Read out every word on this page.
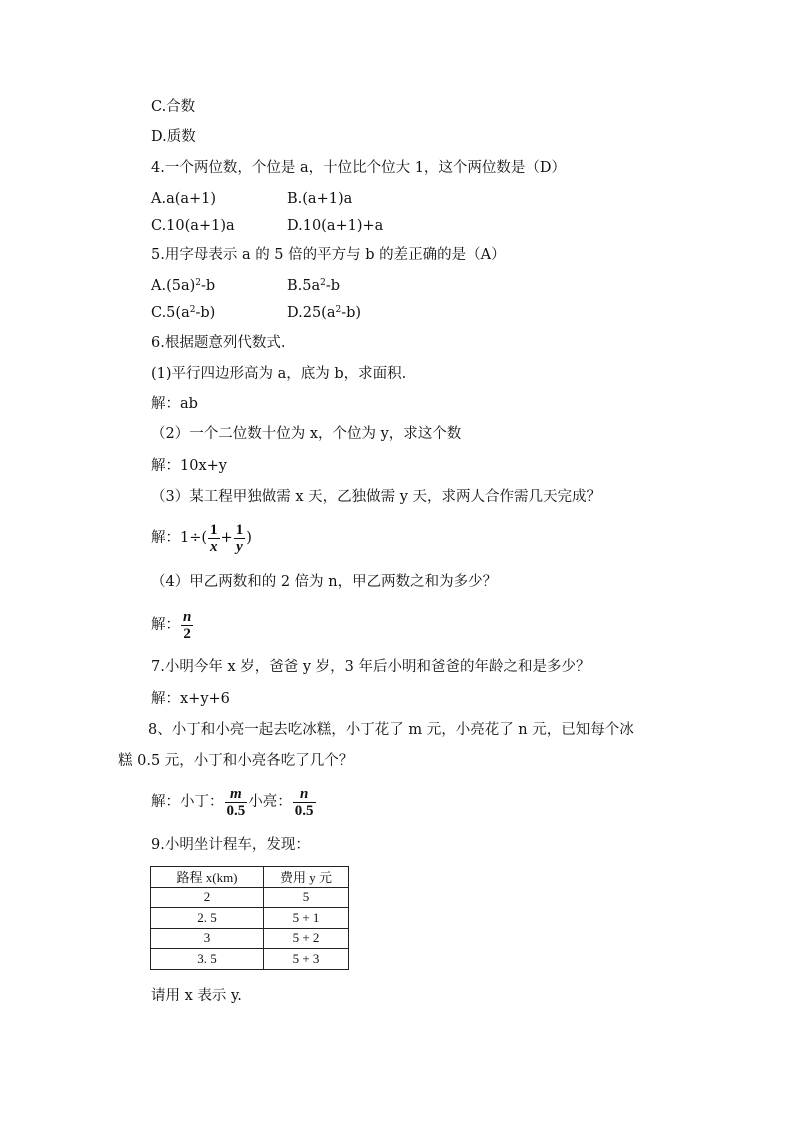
C.合数
D.质数
4.一个两位数，个位是 a，十位比个位大 1，这个两位数是（D）
A.a(a+1)	B.(a+1)a
C.10(a+1)a	D.10(a+1)+a
5.用字母表示 a 的 5 倍的平方与 b 的差正确的是（A）
$A.(5a)^2-b$	$B.5a^2-b$
$C.5(a^2-b)$	$D.25(a^2-b)$
6.根据题意列代数式.
(1)平行四边形高为 a，底为 b，求面积.
解：ab
（2）一个二位数十位为 x，个位为 y，求这个数
解：10x+y
（3）某工程甲独做需 x 天，乙独做需 y 天，求两人合作需几天完成？
解：$1\div( \frac{1}{x} + \frac{1}{y}$ )
（4）甲乙两数和的 2 倍为 n，甲乙两数之和为多少？
解： $\frac{n}{2}$
7.小明今年 x 岁，爸爸 y 岁，3 年后小明和爸爸的年龄之和是多少？
解：x+y+6
8、小丁和小亮一起去吃冰糕，小丁花了 m 元，小亮花了 n 元，已知每个冰
糕 0.5 元，小丁和小亮各吃了几个？
解：小丁： $\frac{m}{0.5}$ 小亮： $\frac{n}{0.5}$
9.小明坐计程车，发现：
路程 x(km)	费用 y 元
2	5
2. 5	5 + 1
3	5 + 2
3. 5	5 + 3
请用 x 表示 y.
